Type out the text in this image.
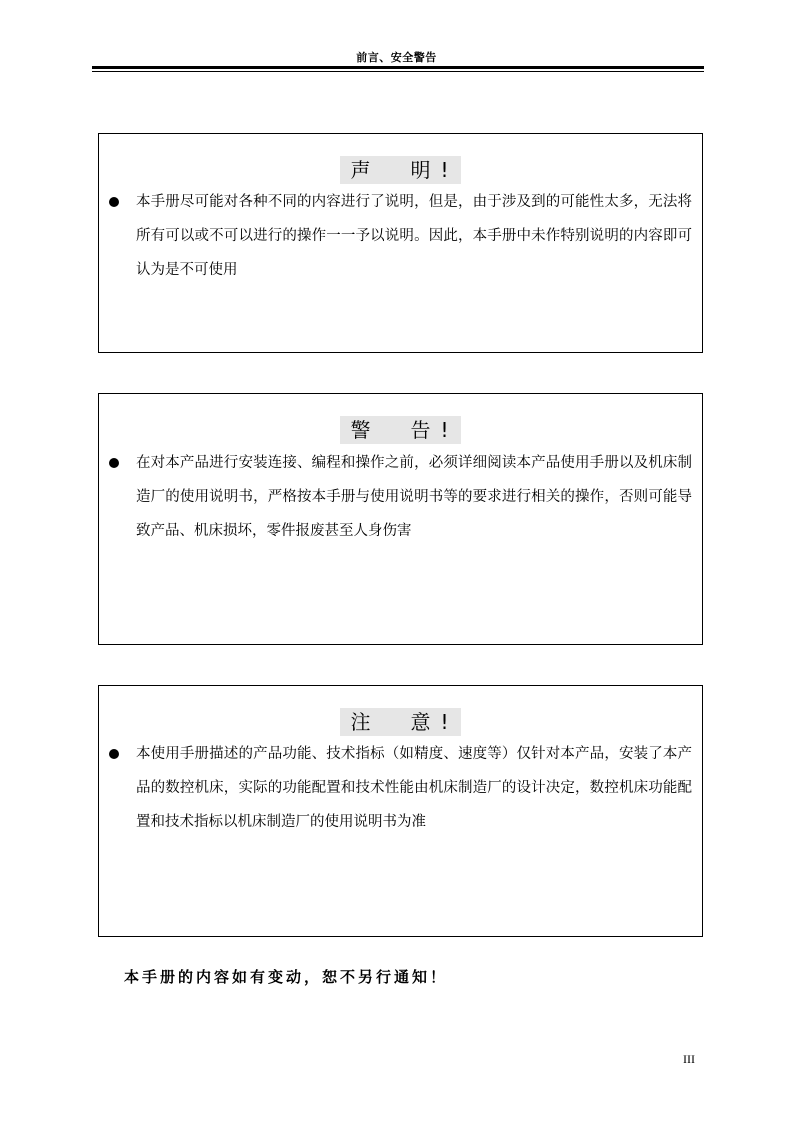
前言、安全警告
声　明!
本手册尽可能对各种不同的内容进行了说明，但是，由于涉及到的可能性太多，无法将所有可以或不可以进行的操作一一予以说明。因此，本手册中未作特别说明的内容即可认为是不可使用
警　告!
在对本产品进行安装连接、编程和操作之前，必须详细阅读本产品使用手册以及机床制造厂的使用说明书，严格按本手册与使用说明书等的要求进行相关的操作，否则可能导致产品、机床损坏，零件报废甚至人身伤害
注　意!
本使用手册描述的产品功能、技术指标（如精度、速度等）仅针对本产品，安装了本产品的数控机床，实际的功能配置和技术性能由机床制造厂的设计决定，数控机床功能配置和技术指标以机床制造厂的使用说明书为准
本手册的内容如有变动，恕不另行通知！
III
